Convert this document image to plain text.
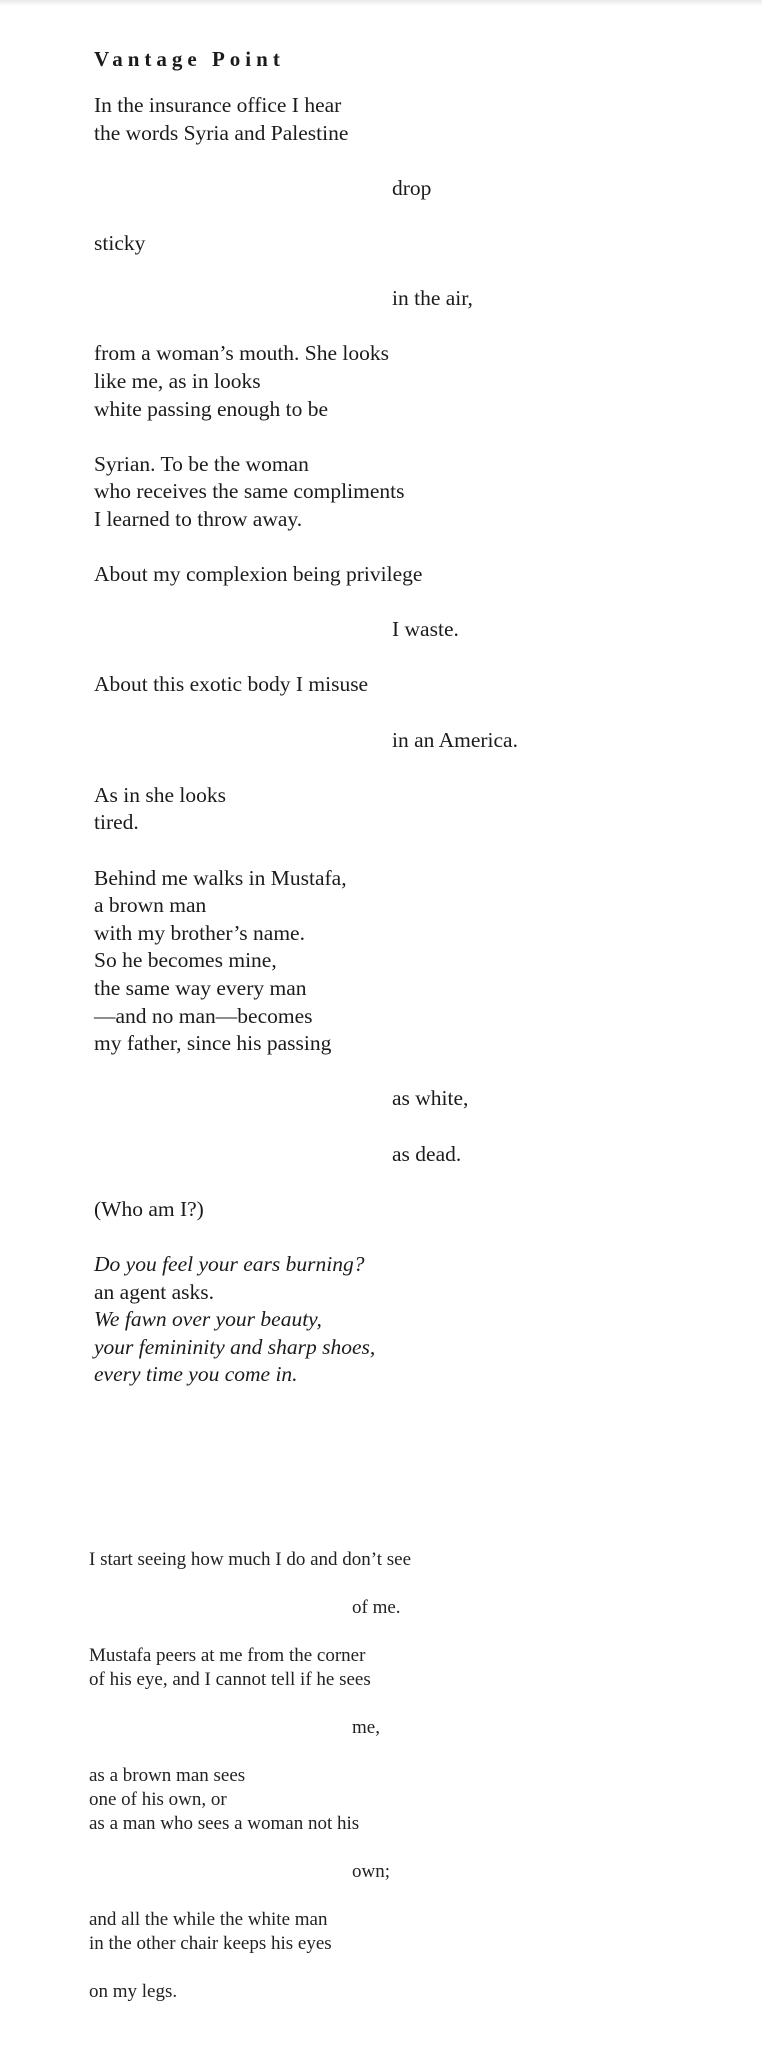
Vantage Point
In the insurance office I hear
the words Syria and Palestine
drop
sticky
in the air,
from a woman’s mouth. She looks
like me, as in looks
white passing enough to be
Syrian. To be the woman
who receives the same compliments
I learned to throw away.
About my complexion being privilege
I waste.
About this exotic body I misuse
in an America.
As in she looks
tired.
Behind me walks in Mustafa,
a brown man
with my brother’s name.
So he becomes mine,
the same way every man
—and no man—becomes
my father, since his passing
as white,
as dead.
(Who am I?)
Do you feel your ears burning?
an agent asks.
We fawn over your beauty,
your femininity and sharp shoes,
every time you come in.
I start seeing how much I do and don’t see
of me.
Mustafa peers at me from the corner
of his eye, and I cannot tell if he sees
me,
as a brown man sees
one of his own, or
as a man who sees a woman not his
own;
and all the while the white man
in the other chair keeps his eyes
on my legs.
